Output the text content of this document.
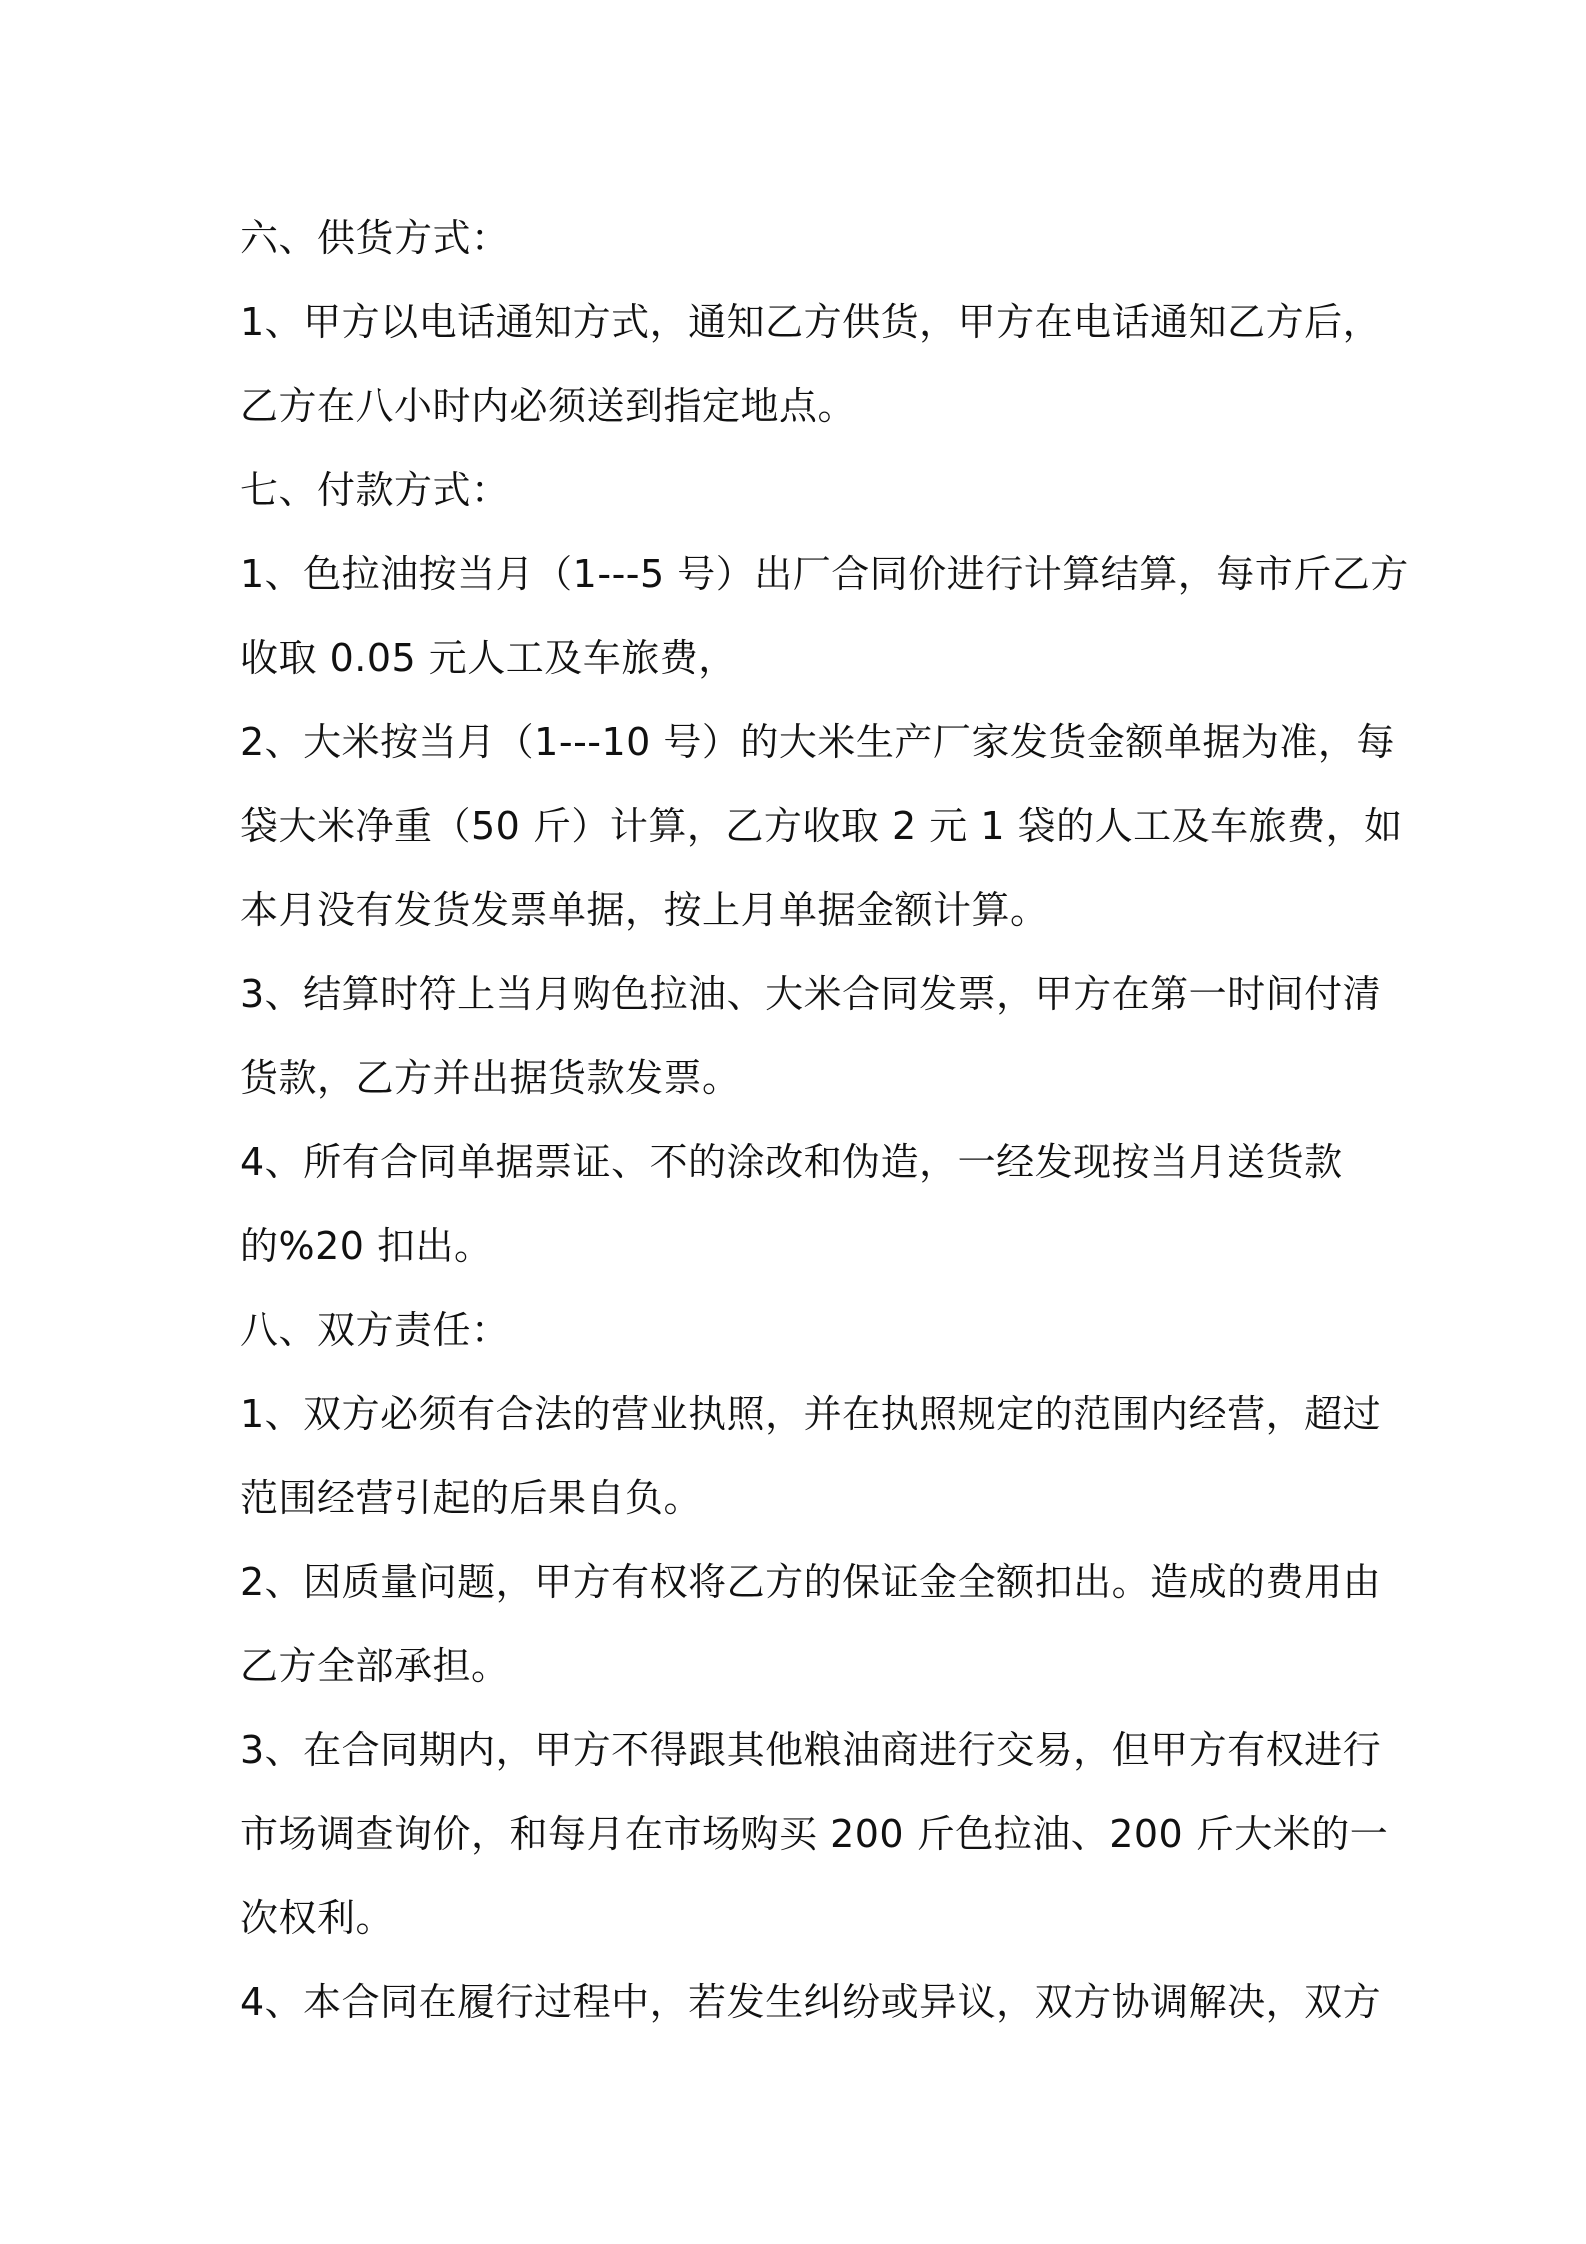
六、供货方式：
1、甲方以电话通知方式，通知乙方供货，甲方在电话通知乙方后，
乙方在八小时内必须送到指定地点。
七、付款方式：
1、色拉油按当月（1---5 号）出厂合同价进行计算结算，每市斤乙方
收取 0.05 元人工及车旅费，
2、大米按当月（1---10 号）的大米生产厂家发货金额单据为准，每
袋大米净重（50 斤）计算，乙方收取 2 元 1 袋的人工及车旅费，如
本月没有发货发票单据，按上月单据金额计算。
3、结算时符上当月购色拉油、大米合同发票，甲方在第一时间付清
货款，乙方并出据货款发票。
4、所有合同单据票证、不的涂改和伪造，一经发现按当月送货款
的%20 扣出。
八、双方责任：
1、双方必须有合法的营业执照，并在执照规定的范围内经营，超过
范围经营引起的后果自负。
2、因质量问题，甲方有权将乙方的保证金全额扣出。造成的费用由
乙方全部承担。
3、在合同期内，甲方不得跟其他粮油商进行交易，但甲方有权进行
市场调查询价，和每月在市场购买 200 斤色拉油、200 斤大米的一
次权利。
4、本合同在履行过程中，若发生纠纷或异议，双方协调解决，双方
